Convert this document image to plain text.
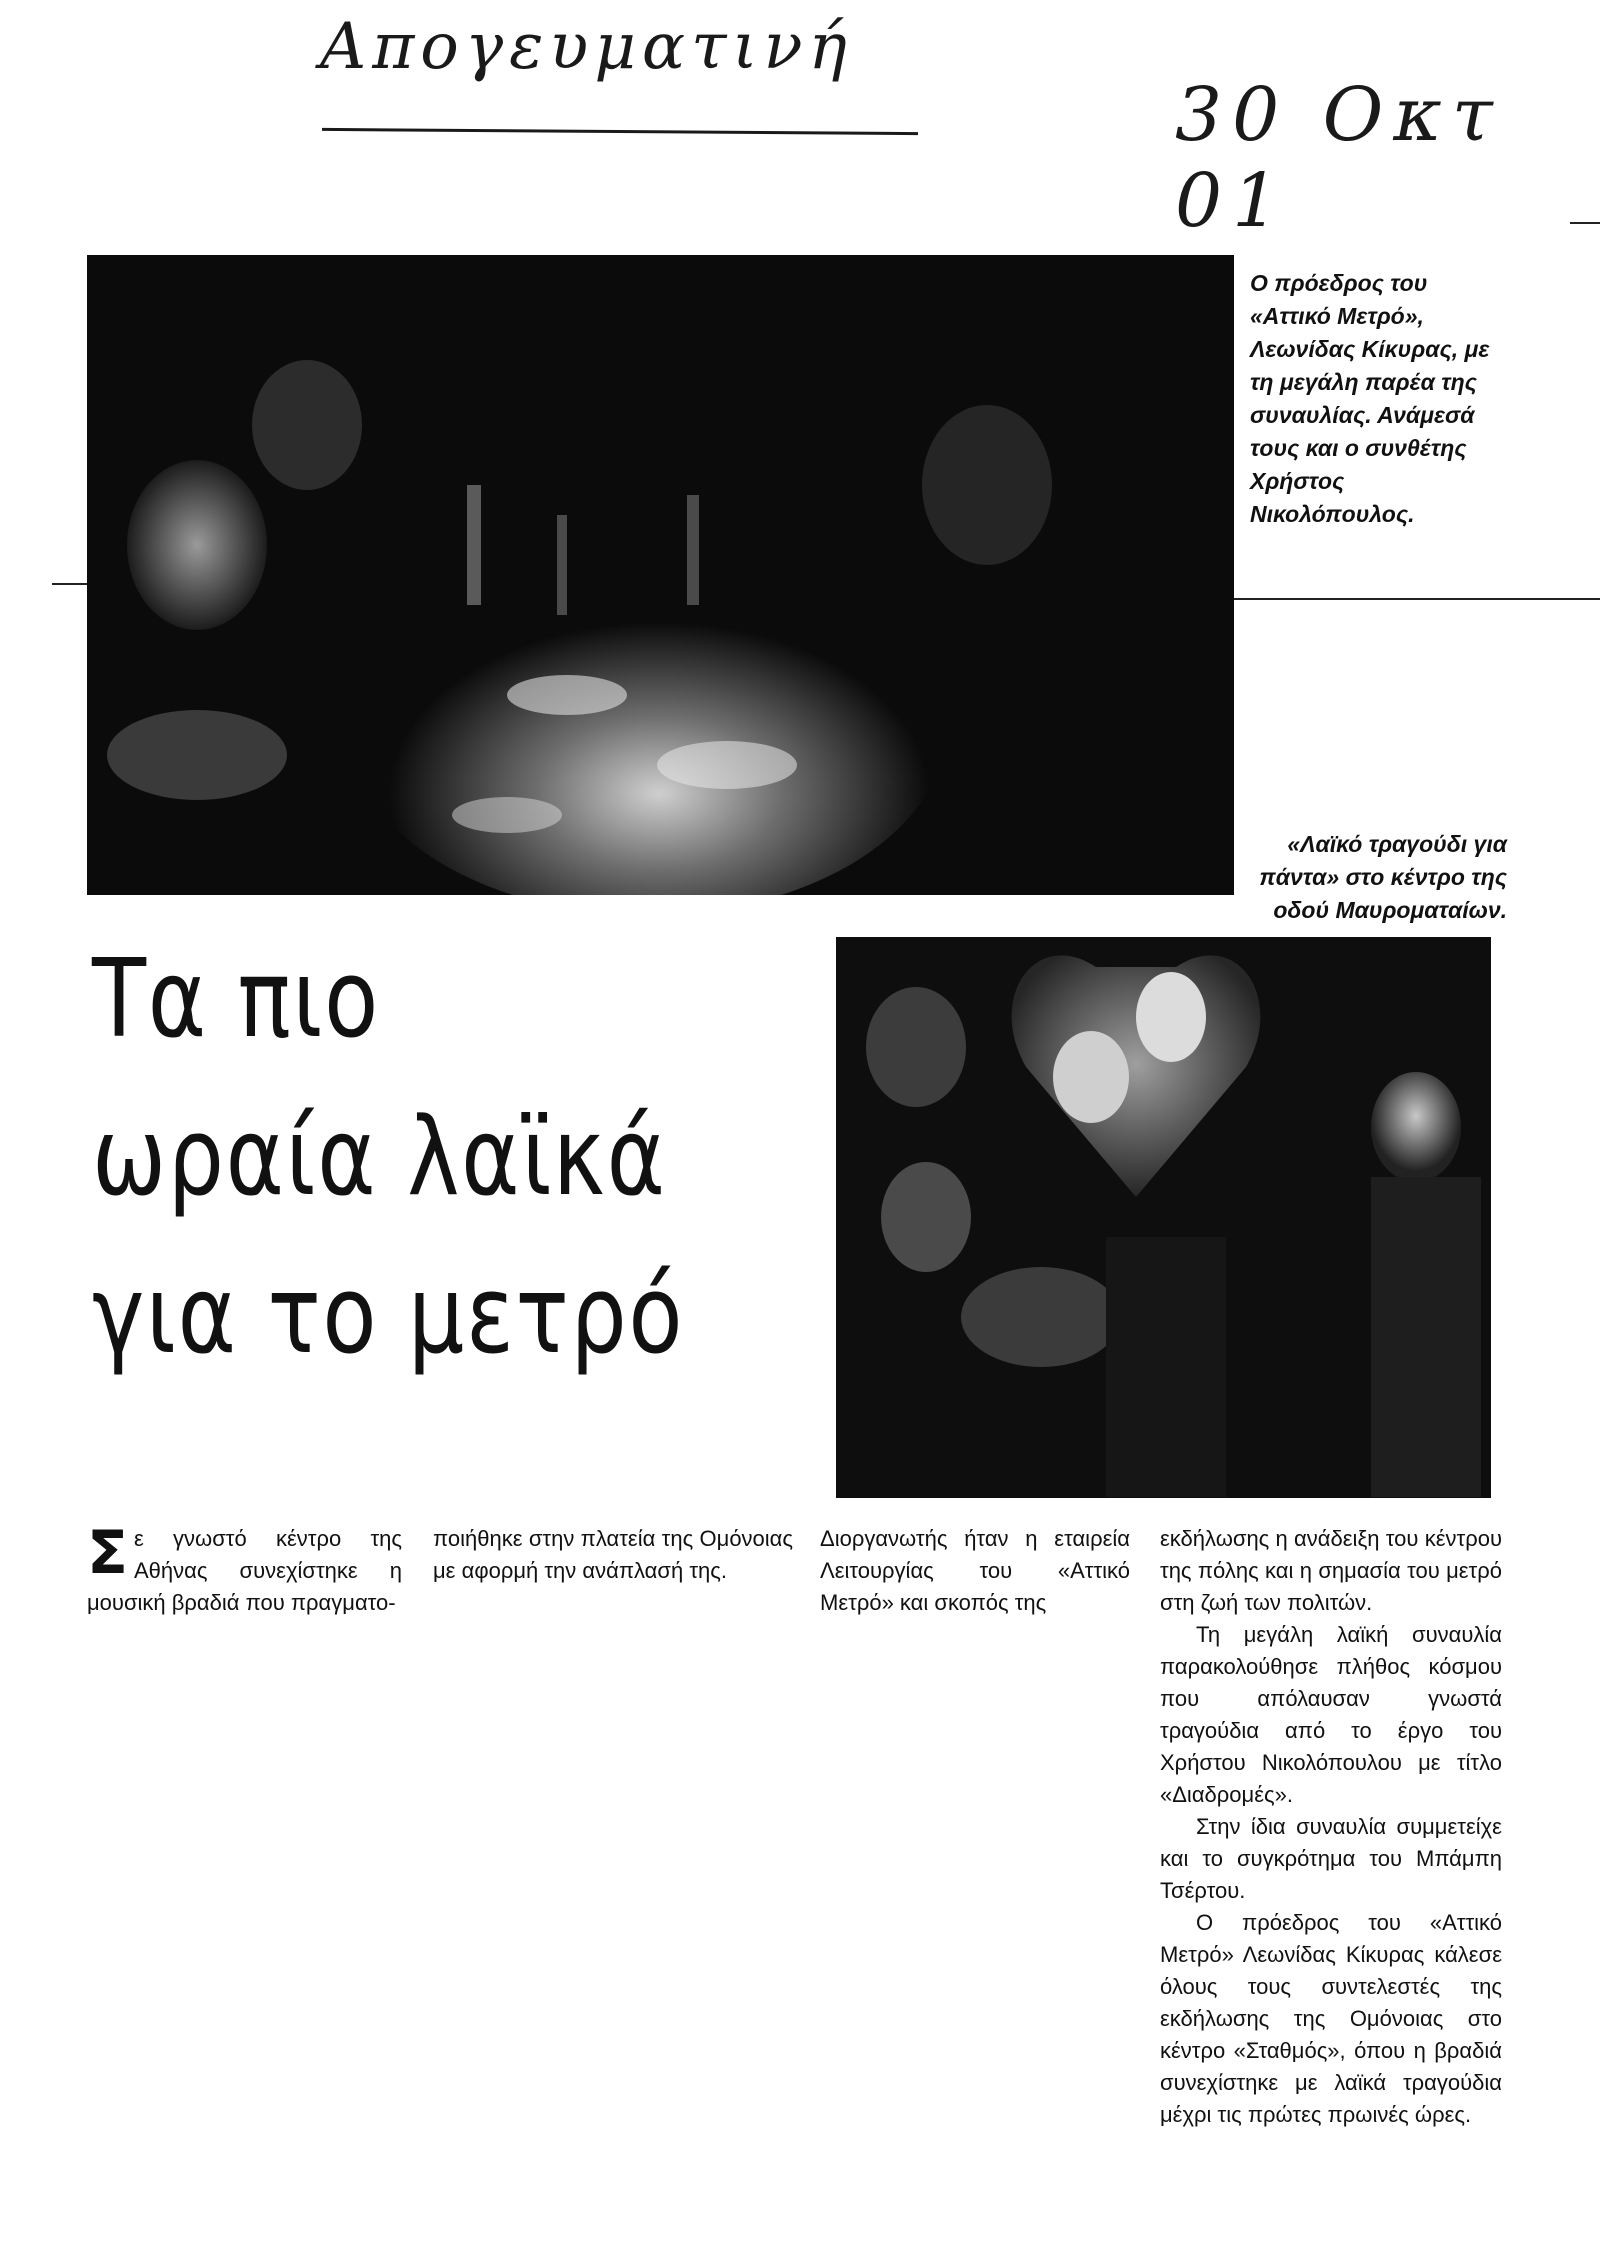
Απογευματινή
30 Οκτ 01
Ο πρόεδρος του «Αττικό Μετρό», Λεωνίδας Κίκυρας, με τη μεγάλη παρέα της συναυλίας. Ανάμεσά τους και ο συνθέτης Χρήστος Νικολόπουλος.
«Λαϊκό τραγούδι για πάντα» στο κέντρο της οδού Μαυροματαίων.
Τα πιο
ωραία λαϊκά
για το μετρό
Σ ε γνωστό κέντρο της Αθήνας συνεχίστηκε η μουσική βραδιά που πραγματο-
ποιήθηκε στην πλατεία της Ομόνοιας με αφορμή την ανάπλασή της.
Διοργανωτής ήταν η εταιρεία Λειτουργίας του «Αττικό Μετρό» και σκοπός της

εκδήλωσης η ανάδειξη του κέντρου της πόλης και η σημασία του μετρό στη ζωή των πολιτών.

Τη μεγάλη λαϊκή συναυλία παρακολούθησε πλήθος κόσμου που απόλαυσαν γνωστά τραγούδια από το έργο του Χρήστου Νικολόπουλου με τίτλο «Διαδρομές».

Στην ίδια συναυλία συμμετείχε και το συγκρότημα του Μπάμπη Τσέρτου.

Ο πρόεδρος του «Αττικό Μετρό» Λεωνίδας Κίκυρας κάλεσε όλους τους συντελεστές της εκδήλωσης της Ομόνοιας στο κέντρο «Σταθμός», όπου η βραδιά συνεχίστηκε με λαϊκά τραγούδια μέχρι τις πρώτες πρωινές ώρες.
